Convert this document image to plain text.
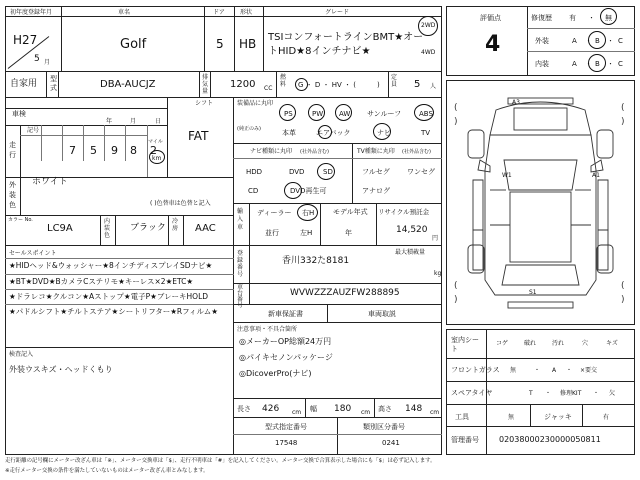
初年度登録年月	車名	ドア	形状	グレード
H27
5 月
Golf	5 HB TSIコンフォートラインBMT★オー
トHID★8インチナビ★
2WD
4WD
自家用 型式	DBA-AUCJZ
排気量
1200 CC
燃料 G ・ D ・ HV ・ (　　　)
定員 5 人
シフト
FAT
車検
年	月	日
走行
記号
7 5 9 8 2
マイル
km
外装色
ホワイト
( )色替車は色替と記入
カラー No.
LC9A
内装色
ブラック
冷房 AAC
セールスポイント
★HIDヘッド&ウォッシャー★8インチディスプレイSDナビ★
★BT★DVD★BカメラCステリモ★キーレス×2★ETC★
★ドラレコ★クルコン★Aストップ★電子P★ブレーキHOLD
★パドルシフト★チルトステア★シートリフター★Rフィルム★
検査記入
外装ウスキズ・ヘッドくもり
装備品に丸印
(純正のみ)
PS	PW AW サンルーフ	ABS
本革	エアバック	ナビ	TV
ナビ種類に丸印 (社外品含む)	TV種類に丸印 (社外品含む)
HDD	DVD	SD
CD	DVD再生可
フルセグ ワンセグ
アナログ
輸入車
ディーラー 右H
並行	左H
モデル年式
年
リサイクル預託金
14,520
円
登録番号
香川332た8181
最大積載量
kg
車台番号
WVWZZZAUZFW288895
新車保証書	車両取説
注意事項・不具合箇所
◎メーカーOP総額24万円
◎パイキセノンパッケージ
◎DicoverPro(ナビ)
長さ 426 cm 幅 180 cm 高さ 148 cm
型式指定番号	類別区分番号
17548	0241
評価点
4
修復歴 有 ・ 無
外装	A ・ B ・ C
内装	A ・ B ・ C
(
)
(
)
(
)
(
)
A3
W1	A1
S1
室内シート
コゲ	破れ	汚れ	穴	キズ
フロントガラス 無	・ A ・ ×要交
スペアタイヤ	T ・ 修理KIT ・ 欠
工具	無	ジャッキ	有
管理番号	02038000230000050811
走行距離の記号欄にメーター改ざん車は「※」、メーター交換車は「$」、走行不明車は「#」を記入してください。メーター交換で合算表示した場合にも「$」は必ず記入します。
※走行メーター交換の条件を満たしていないものはメーター改ざん車とみなします。
